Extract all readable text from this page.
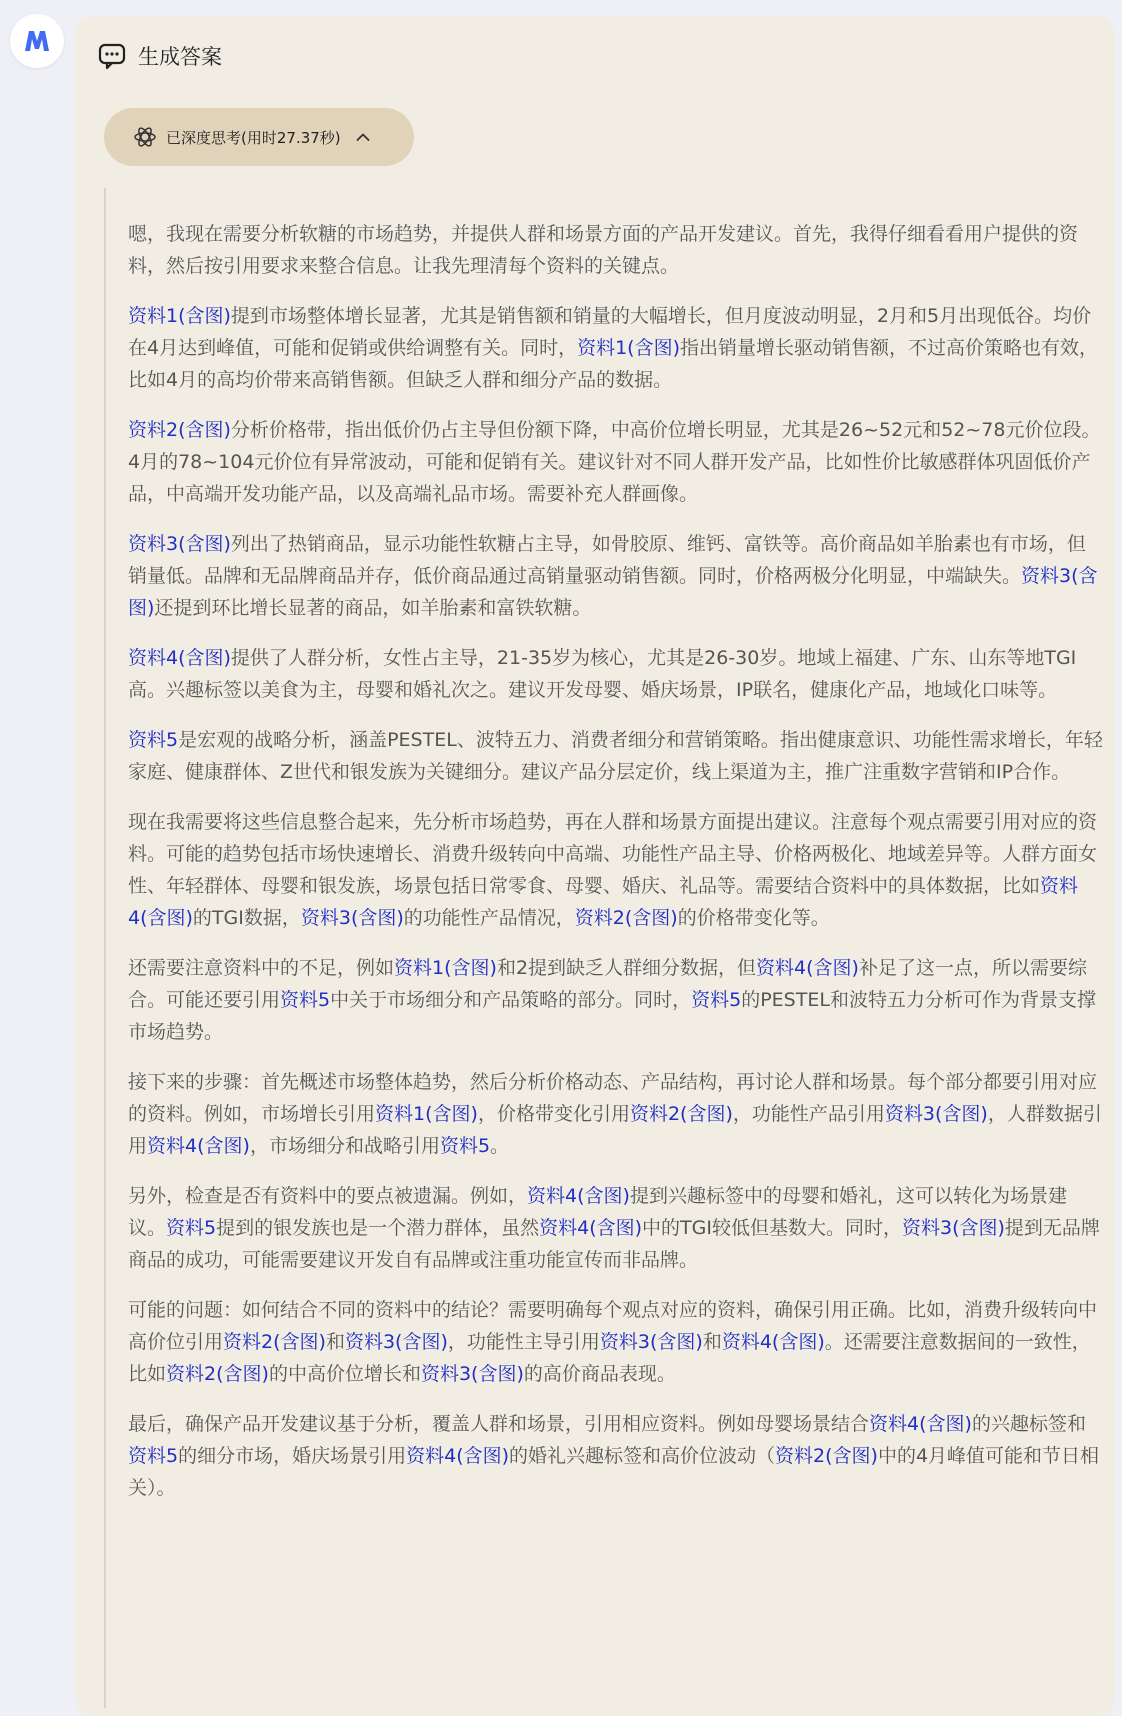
生成答案
已深度思考(用时27.37秒)

嗯，我现在需要分析软糖的市场趋势，并提供人群和场景方面的产品开发建议。首先，我得仔细看看用户提供的资料，然后按引用要求来整合信息。让我先理清每个资料的关键点。

资料1(含图)提到市场整体增长显著，尤其是销售额和销量的大幅增长，但月度波动明显，2月和5月出现低谷。均价在4月达到峰值，可能和促销或供给调整有关。同时，资料1(含图)指出销量增长驱动销售额，不过高价策略也有效，比如4月的高均价带来高销售额。但缺乏人群和细分产品的数据。

资料2(含图)分析价格带，指出低价仍占主导但份额下降，中高价位增长明显，尤其是26~52元和52~78元价位段。4月的78~104元价位有异常波动，可能和促销有关。建议针对不同人群开发产品，比如性价比敏感群体巩固低价产品，中高端开发功能产品，以及高端礼品市场。需要补充人群画像。

资料3(含图)列出了热销商品，显示功能性软糖占主导，如骨胶原、维钙、富铁等。高价商品如羊胎素也有市场，但销量低。品牌和无品牌商品并存，低价商品通过高销量驱动销售额。同时，价格两极分化明显，中端缺失。资料3(含图)还提到环比增长显著的商品，如羊胎素和富铁软糖。

资料4(含图)提供了人群分析，女性占主导，21-35岁为核心，尤其是26-30岁。地域上福建、广东、山东等地TGI高。兴趣标签以美食为主，母婴和婚礼次之。建议开发母婴、婚庆场景，IP联名，健康化产品，地域化口味等。

资料5是宏观的战略分析，涵盖PESTEL、波特五力、消费者细分和营销策略。指出健康意识、功能性需求增长，年轻家庭、健康群体、Z世代和银发族为关键细分。建议产品分层定价，线上渠道为主，推广注重数字营销和IP合作。

现在我需要将这些信息整合起来，先分析市场趋势，再在人群和场景方面提出建议。注意每个观点需要引用对应的资料。可能的趋势包括市场快速增长、消费升级转向中高端、功能性产品主导、价格两极化、地域差异等。人群方面女性、年轻群体、母婴和银发族，场景包括日常零食、母婴、婚庆、礼品等。需要结合资料中的具体数据，比如资料4(含图)的TGI数据，资料3(含图)的功能性产品情况，资料2(含图)的价格带变化等。

还需要注意资料中的不足，例如资料1(含图)和2提到缺乏人群细分数据，但资料4(含图)补足了这一点，所以需要综合。可能还要引用资料5中关于市场细分和产品策略的部分。同时，资料5的PESTEL和波特五力分析可作为背景支撑市场趋势。

接下来的步骤：首先概述市场整体趋势，然后分析价格动态、产品结构，再讨论人群和场景。每个部分都要引用对应的资料。例如，市场增长引用资料1(含图)，价格带变化引用资料2(含图)，功能性产品引用资料3(含图)，人群数据引用资料4(含图)，市场细分和战略引用资料5。

另外，检查是否有资料中的要点被遗漏。例如，资料4(含图)提到兴趣标签中的母婴和婚礼，这可以转化为场景建议。资料5提到的银发族也是一个潜力群体，虽然资料4(含图)中的TGI较低但基数大。同时，资料3(含图)提到无品牌商品的成功，可能需要建议开发自有品牌或注重功能宣传而非品牌。

可能的问题：如何结合不同的资料中的结论？需要明确每个观点对应的资料，确保引用正确。比如，消费升级转向中高价位引用资料2(含图)和资料3(含图)，功能性主导引用资料3(含图)和资料4(含图)。还需要注意数据间的一致性，比如资料2(含图)的中高价位增长和资料3(含图)的高价商品表现。

最后，确保产品开发建议基于分析，覆盖人群和场景，引用相应资料。例如母婴场景结合资料4(含图)的兴趣标签和资料5的细分市场，婚庆场景引用资料4(含图)的婚礼兴趣标签和高价位波动（资料2(含图)中的4月峰值可能和节日相关）。
